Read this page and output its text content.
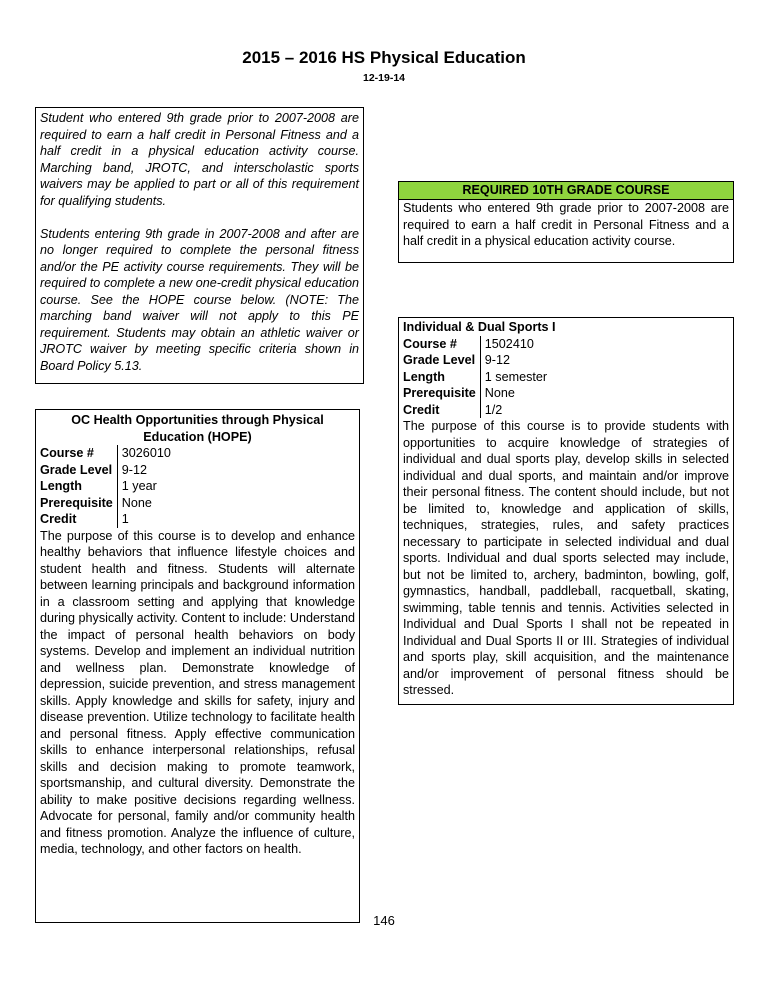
2015 – 2016 HS Physical Education
12-19-14

Student who entered 9th grade prior to 2007-2008 are required to earn a half credit in Personal Fitness and a half credit in a physical education activity course. Marching band, JROTC, and interscholastic sports waivers may be applied to part or all of this requirement for qualifying students.

Students entering 9th grade in 2007-2008 and after are no longer required to complete the personal fitness and/or the PE activity course requirements. They will be required to complete a new one-credit physical education course. See the HOPE course below. (NOTE: The marching band waiver will not apply to this PE requirement. Students may obtain an athletic waiver or JROTC waiver by meeting specific criteria shown in Board Policy 5.13.

REQUIRED 10TH GRADE COURSE
Students who entered 9th grade prior to 2007-2008 are required to earn a half credit in Personal Fitness and a half credit in a physical education activity course.
OC Health Opportunities through Physical Education (HOPE)
Course #	3026010
Grade Level	9-12
Length	1 year
Prerequisite	None
Credit	1
The purpose of this course is to develop and enhance healthy behaviors that influence lifestyle choices and student health and fitness. Students will alternate between learning principals and background information in a classroom setting and applying that knowledge during physically activity. Content to include: Understand the impact of personal health behaviors on body systems. Develop and implement an individual nutrition and wellness plan. Demonstrate knowledge of depression, suicide prevention, and stress management skills. Apply knowledge and skills for safety, injury and disease prevention. Utilize technology to facilitate health and personal fitness. Apply effective communication skills to enhance interpersonal relationships, refusal skills and decision making to promote teamwork, sportsmanship, and cultural diversity. Demonstrate the ability to make positive decisions regarding wellness. Advocate for personal, family and/or community health and fitness promotion. Analyze the influence of culture, media, technology, and other factors on health.
Individual & Dual Sports I
Course #	1502410
Grade Level	9-12
Length	1 semester
Prerequisite	None
Credit	1/2
The purpose of this course is to provide students with opportunities to acquire knowledge of strategies of individual and dual sports play, develop skills in selected individual and dual sports, and maintain and/or improve their personal fitness. The content should include, but not be limited to, knowledge and application of skills, techniques, strategies, rules, and safety practices necessary to participate in selected individual and dual sports. Individual and dual sports selected may include, but not be limited to, archery, badminton, bowling, golf, gymnastics, handball, paddleball, racquetball, skating, swimming, table tennis and tennis. Activities selected in Individual and Dual Sports I shall not be repeated in Individual and Dual Sports II or III. Strategies of individual and sports play, skill acquisition, and the maintenance and/or improvement of personal fitness should be stressed.
146
